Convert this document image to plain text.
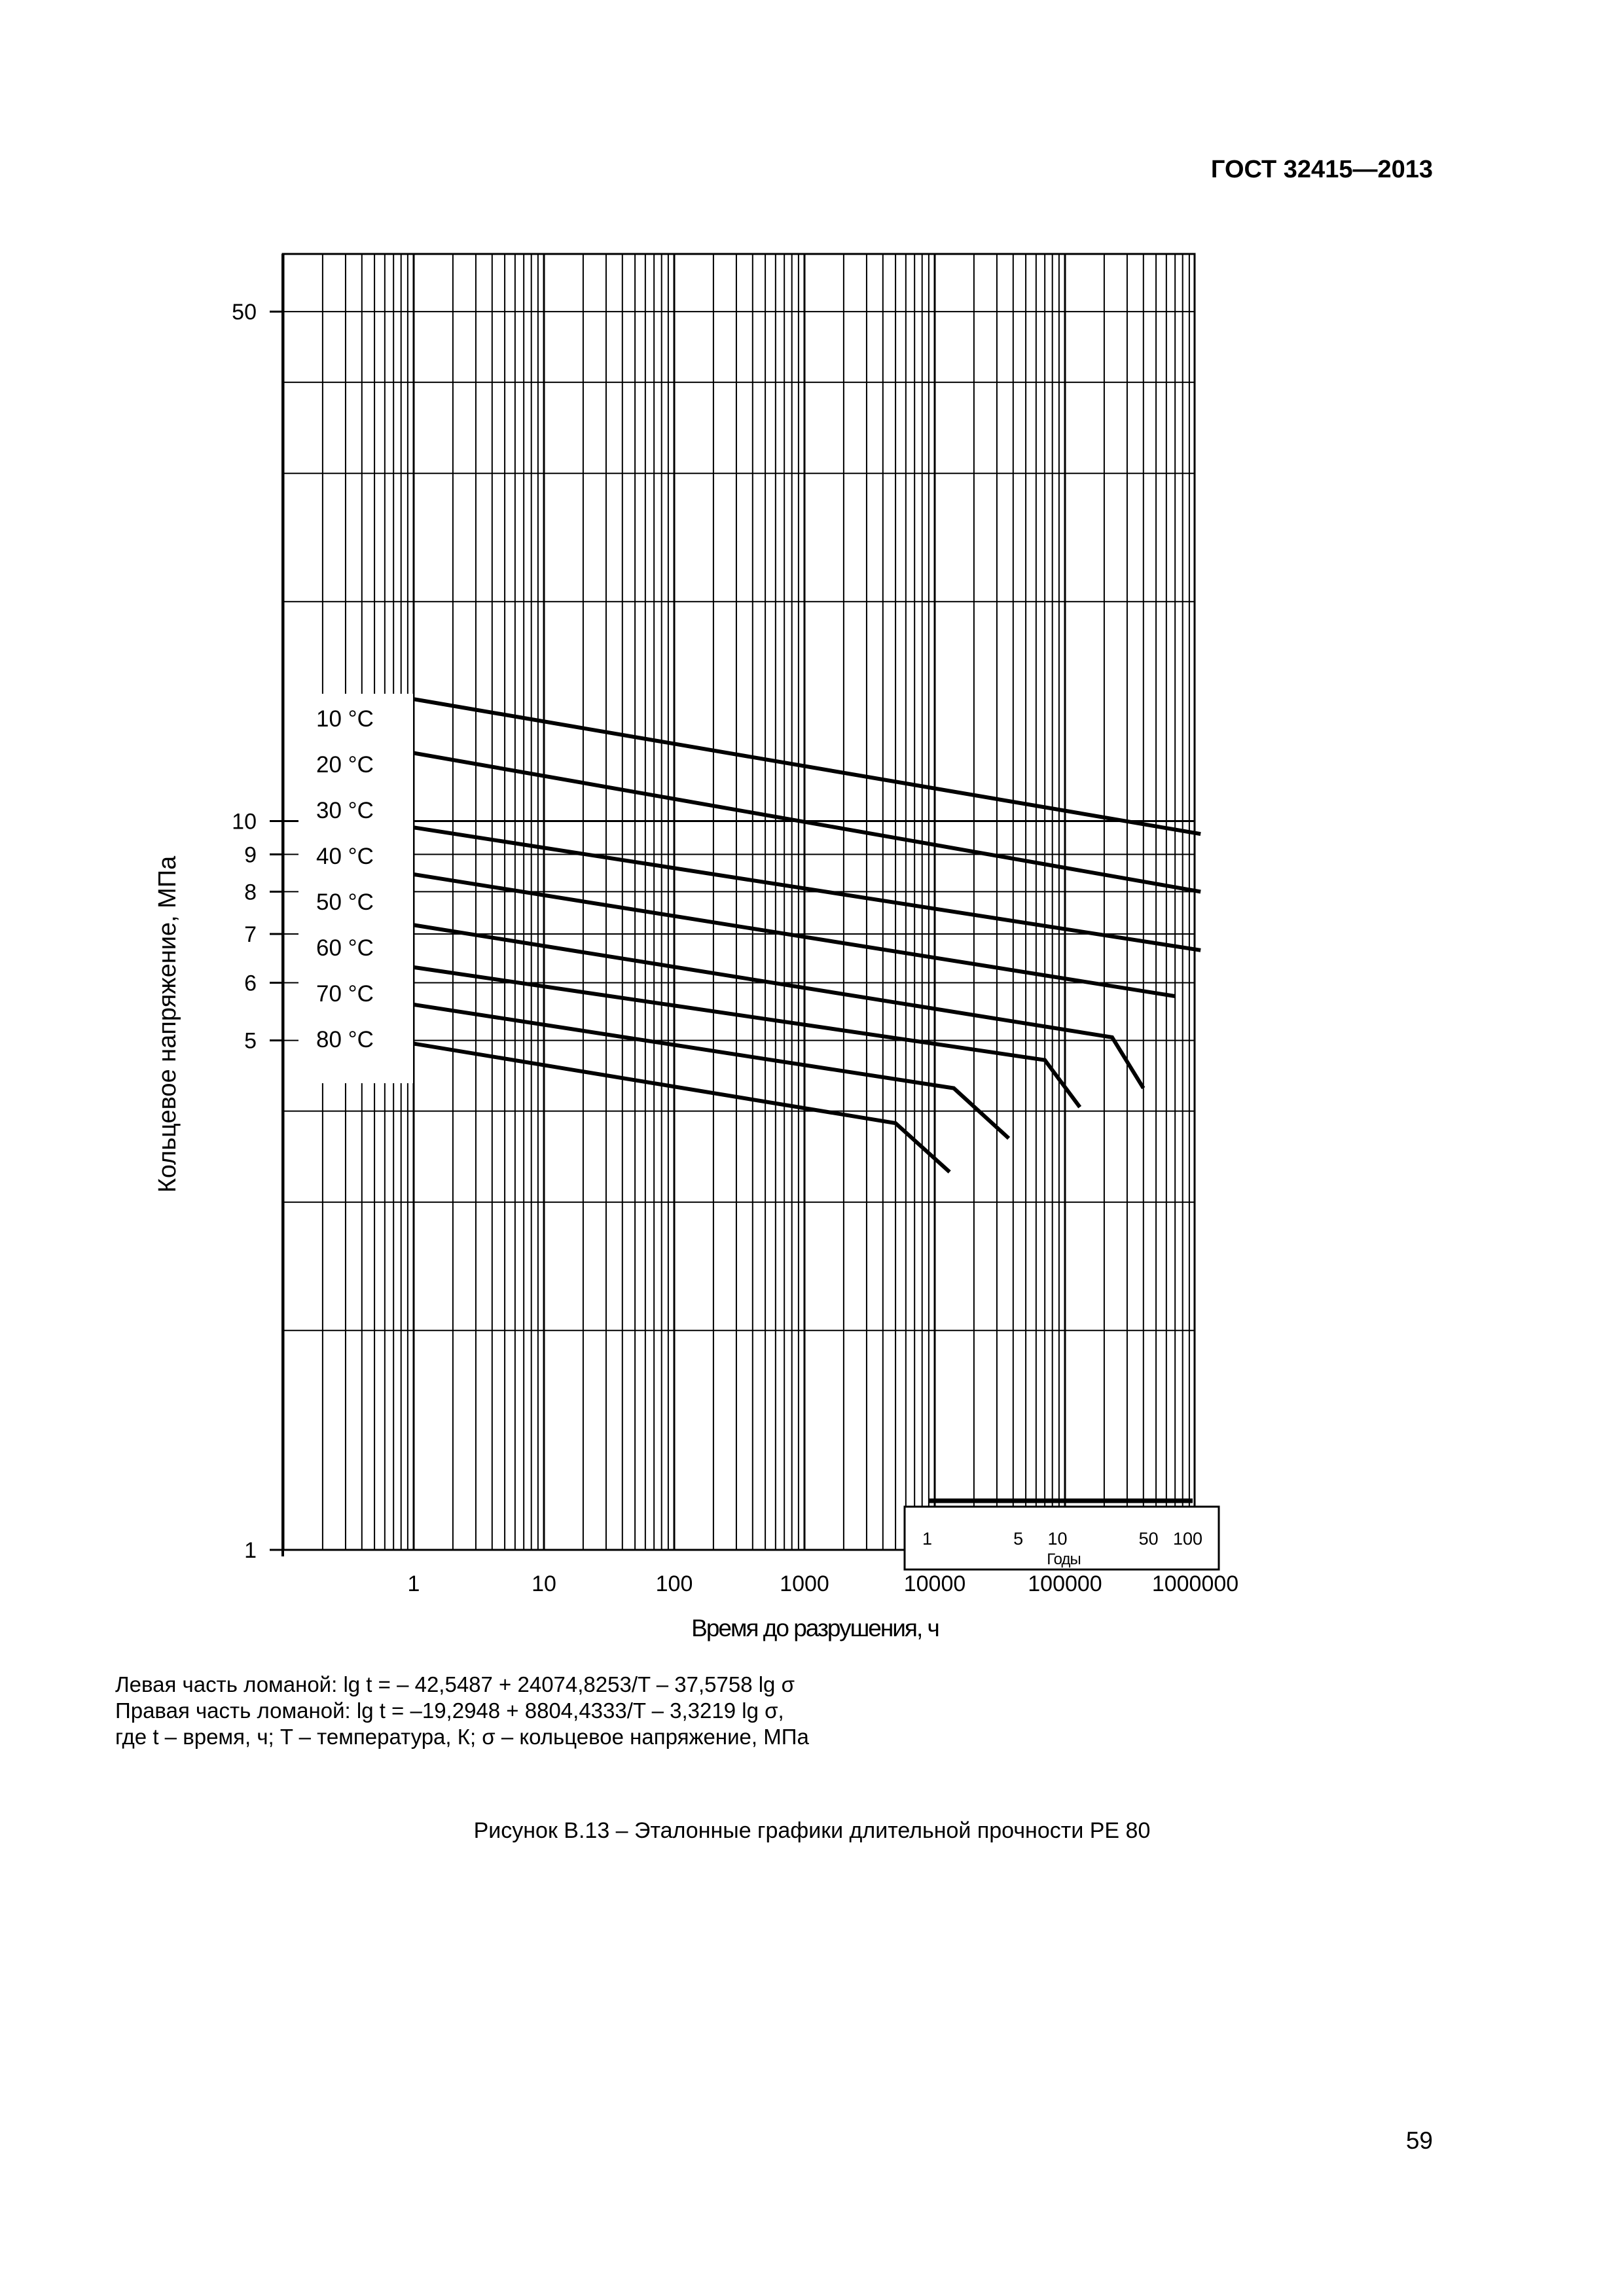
ГОСТ 32415—2013
1
5
6
7
8
9
10
50
1	10	100	1000	10000	100000 1000000
10 °C
20 °C
30 °C
40 °C
50 °C
60 °C
70 °C
80 °C
1	5 10	50 100
Годы
Время до разрушения, ч
Кольцевое напряжение, МПа
Левая часть ломаной: lg t = – 42,5487 + 24074,8253/T – 37,5758 lg σ
Правая часть ломаной: lg t = –19,2948 + 8804,4333/T – 3,3219 lg σ,
где t – время, ч; T – температура, К; σ – кольцевое напряжение, МПа
Рисунок В.13 – Эталонные графики длительной прочности PE 80
59
